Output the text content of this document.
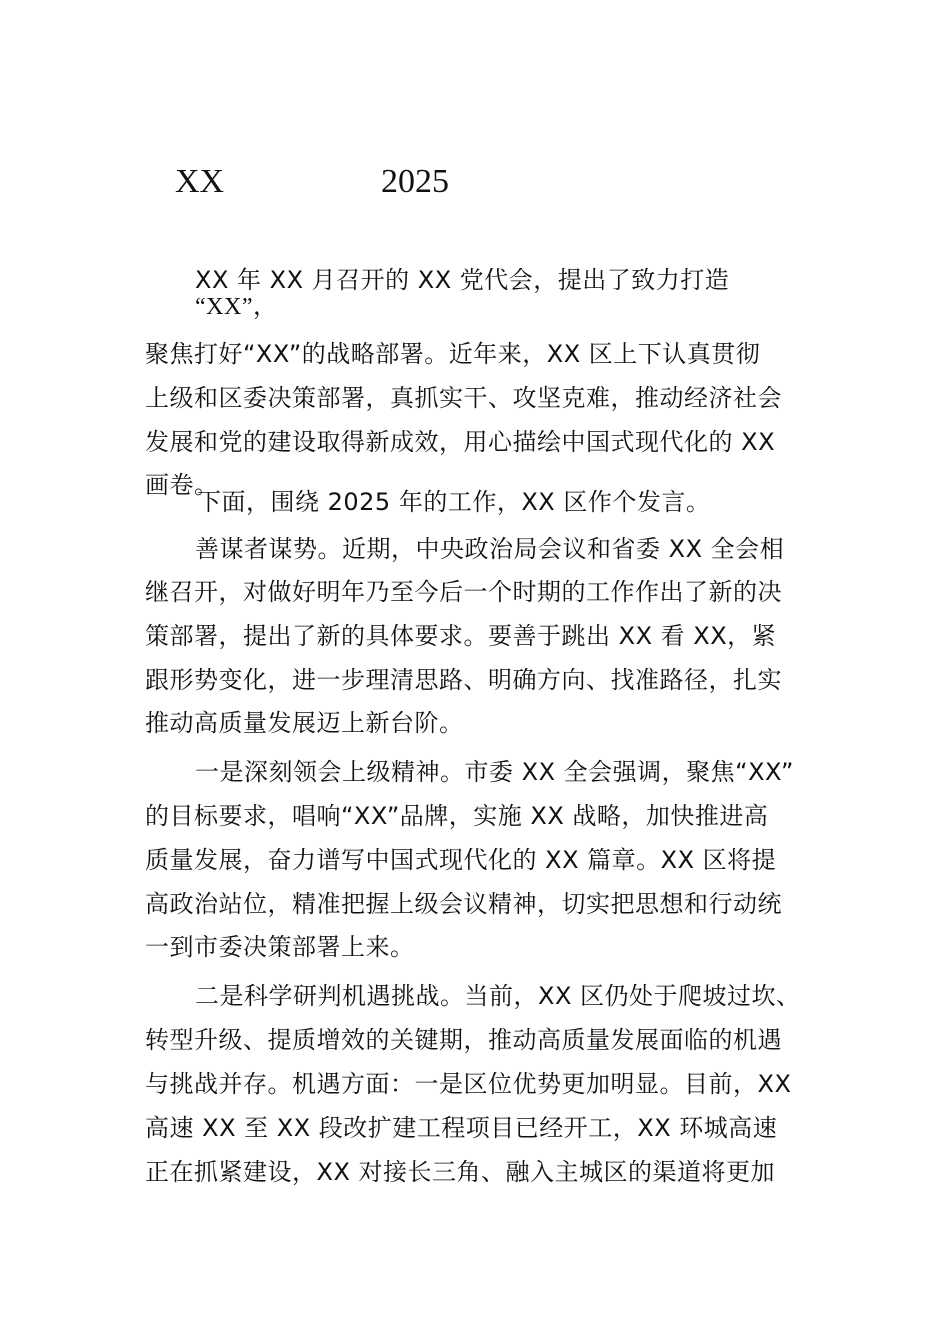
XX	2025
XX 年 XX 月召开的 XX 党代会，提出了致力打造
“XX”，
聚焦打好“XX”的战略部署。近年来，XX 区上下认真贯彻
上级和区委决策部署，真抓实干、攻坚克难，推动经济社会
发展和党的建设取得新成效，用心描绘中国式现代化的 XX
画卷。
下面，围绕 2025 年的工作，XX 区作个发言。
善谋者谋势。近期，中央政治局会议和省委 XX 全会相
继召开，对做好明年乃至今后一个时期的工作作出了新的决
策部署，提出了新的具体要求。要善于跳出 XX 看 XX，紧
跟形势变化，进一步理清思路、明确方向、找准路径，扎实
推动高质量发展迈上新台阶。
一是深刻领会上级精神。市委 XX 全会强调，聚焦“XX”
的目标要求，唱响“XX”品牌，实施 XX 战略，加快推进高
质量发展，奋力谱写中国式现代化的 XX 篇章。XX 区将提
高政治站位，精准把握上级会议精神，切实把思想和行动统
一到市委决策部署上来。
二是科学研判机遇挑战。当前，XX 区仍处于爬坡过坎、
转型升级、提质增效的关键期，推动高质量发展面临的机遇
与挑战并存。机遇方面：一是区位优势更加明显。目前，XX
高速 XX 至 XX 段改扩建工程项目已经开工，XX 环城高速
正在抓紧建设，XX 对接长三角、融入主城区的渠道将更加
